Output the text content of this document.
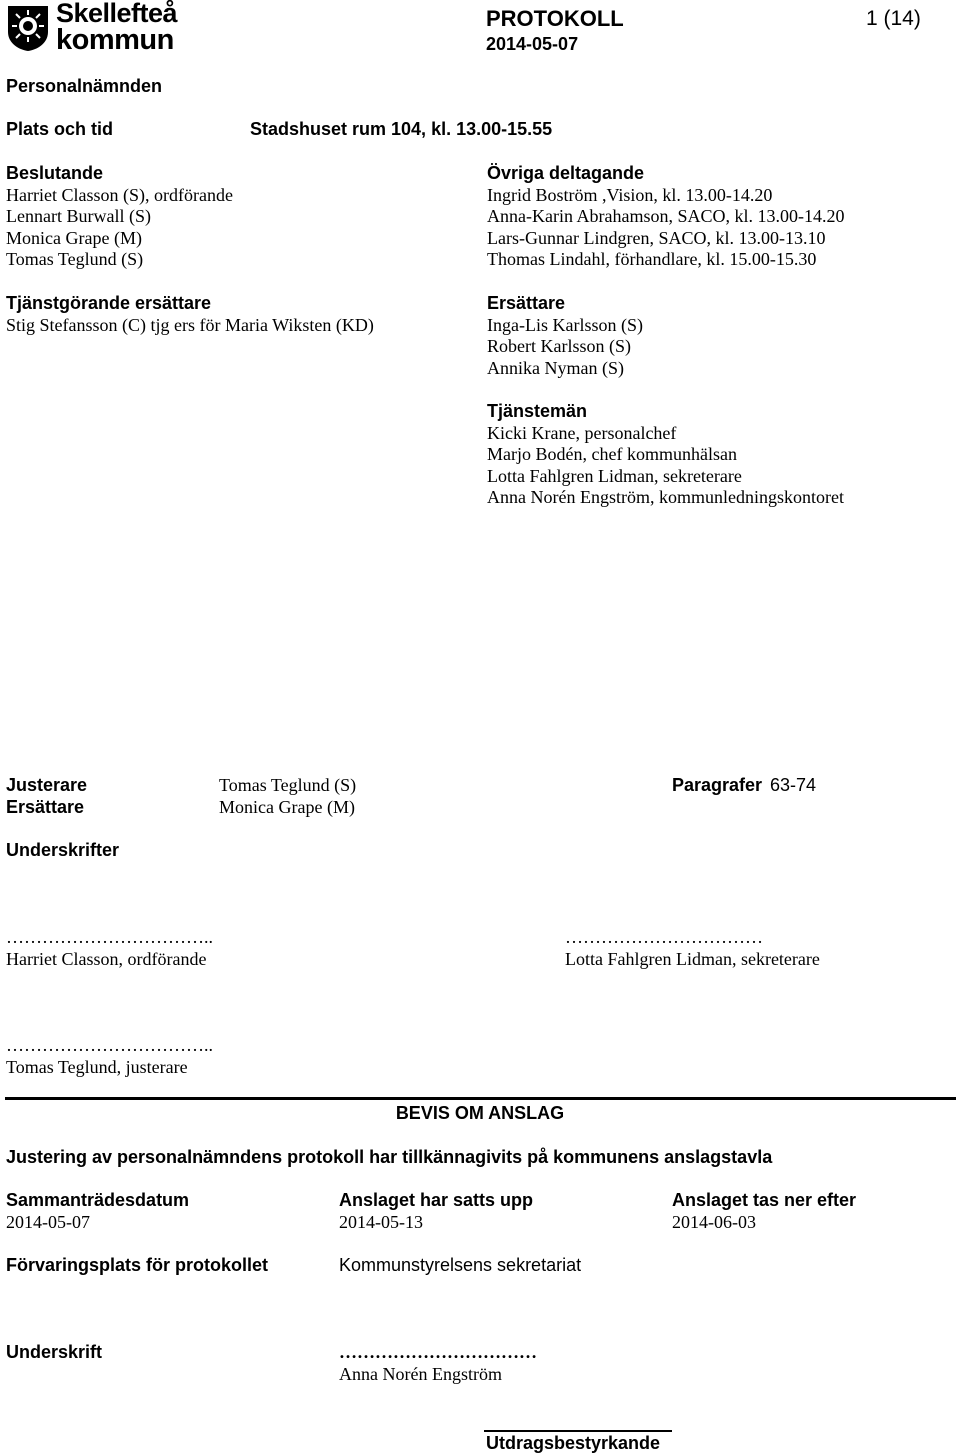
Skellefteå
kommun
PROTOKOLL
2014-05-07
1 (14)
Personalnämnden
Plats och tid	Stadshuset rum 104, kl. 13.00-15.55
Beslutande
Harriet Classon (S), ordförande
Lennart Burwall (S)
Monica Grape (M)
Tomas Teglund (S)
Övriga deltagande
Ingrid Boström ,Vision, kl. 13.00-14.20
Anna-Karin Abrahamson, SACO, kl. 13.00-14.20
Lars-Gunnar Lindgren, SACO, kl. 13.00-13.10
Thomas Lindahl, förhandlare, kl. 15.00-15.30
Tjänstgörande ersättare
Stig Stefansson (C) tjg ers för Maria Wiksten (KD)
Ersättare
Inga-Lis Karlsson (S)
Robert Karlsson (S)
Annika Nyman (S)
Tjänstemän
Kicki Krane, personalchef
Marjo Bodén, chef kommunhälsan
Lotta Fahlgren Lidman, sekreterare
Anna Norén Engström, kommunledningskontoret
Justerare	Tomas Teglund (S)
Ersättare	Monica Grape (M)
Paragrafer 63-74
Underskrifter
……………………………..
Harriet Classon, ordförande
……………………………
Lotta Fahlgren Lidman, sekreterare
……………………………..
Tomas Teglund, justerare
BEVIS OM ANSLAG
Justering av personalnämndens protokoll har tillkännagivits på kommunens anslagstavla
Sammanträdesdatum
2014-05-07
Anslaget har satts upp
2014-05-13
Anslaget tas ner efter
2014-06-03
Förvaringsplats för protokollet	Kommunstyrelsens sekretariat
Underskrift	……………………………
Anna Norén Engström
Utdragsbestyrkande
